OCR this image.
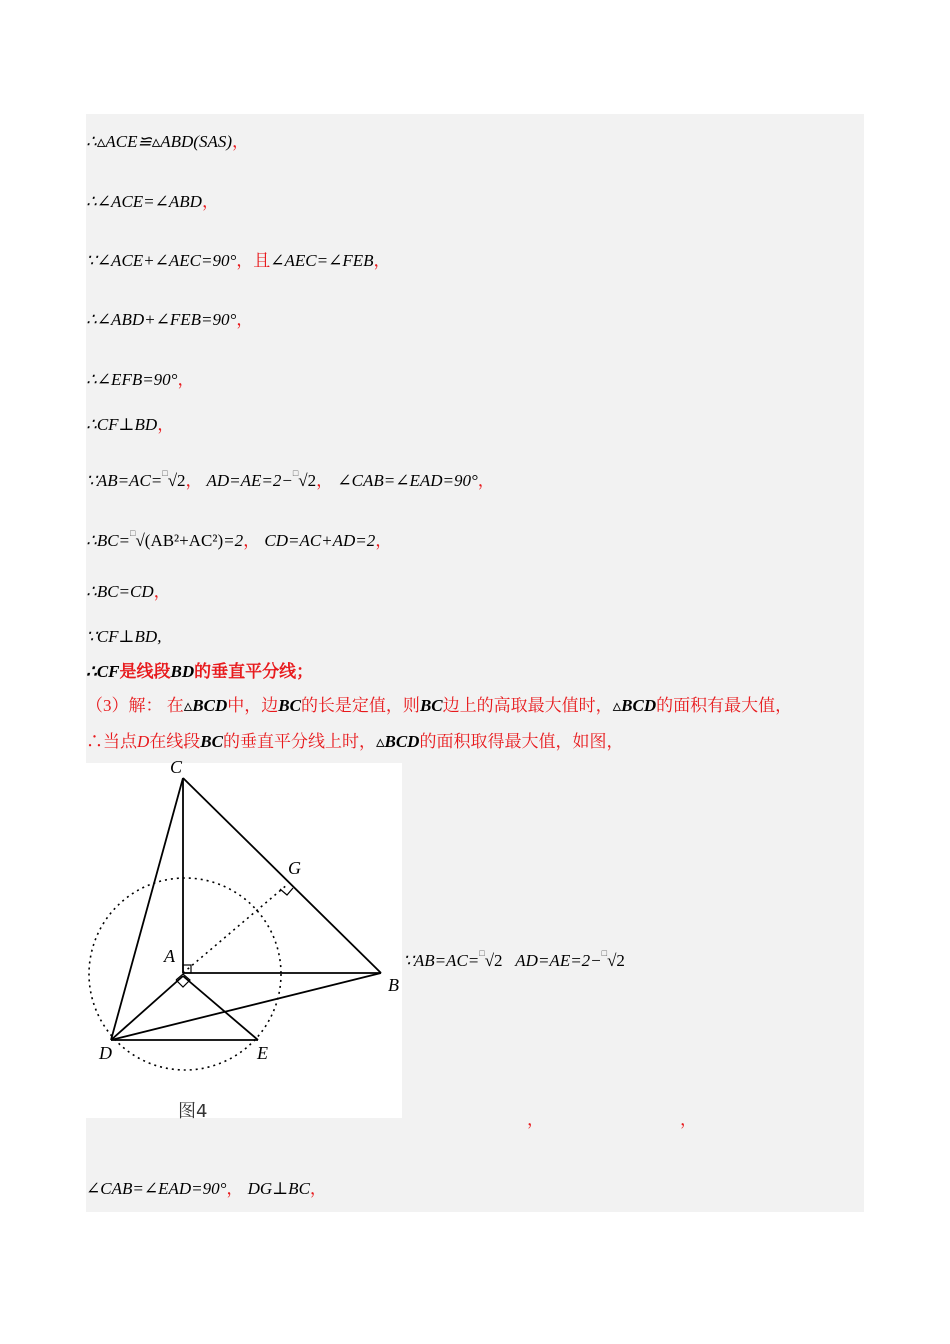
∴▵ACE≌▵ABD(SAS)，
∴∠ACE=∠ABD，
∵∠ACE+∠AEC=90°，且∠AEC=∠FEB，
∴∠ABD+∠FEB=90°，
∴∠EFB=90°，
∴CF⊥BD，
∵AB=AC=□√2， AD=AE=2−□√2， ∠CAB=∠EAD=90°，
∴BC=□√(AB²+AC²)=2， CD=AC+AD=2，
∴BC=CD，
∵CF⊥BD,
∴CF是线段BD的垂直平分线；
（3）解： 在▵BCD中，边BC的长是定值，则BC边上的高取最大值时，▵BCD的面积有最大值，
∴当点D在线段BC的垂直平分线上时，▵BCD的面积取得最大值，如图，
C
G
A
B
D	E
图4
∵AB=AC=□√2 AD=AE=2−□√2
，	，
∠CAB=∠EAD=90°， DG⊥BC，
